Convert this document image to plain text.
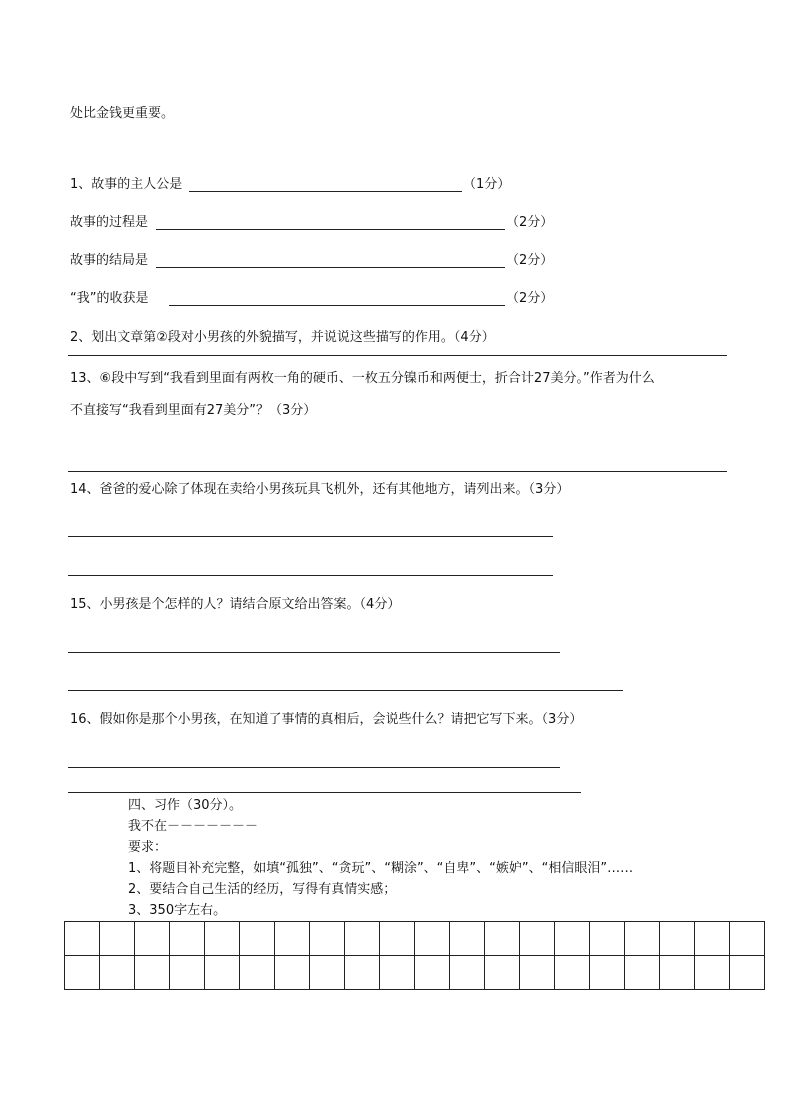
处比金钱更重要。
1、故事的主人公是	（1分）
故事的过程是	（2分）
故事的结局是	（2分）
“我”的收获是	（2分）
2、划出文章第②段对小男孩的外貌描写，并说说这些描写的作用。（4分）
13、⑥段中写到“我看到里面有两枚一角的硬币、一枚五分镍币和两便士，折合计27美分。”作者为什么
不直接写“我看到里面有27美分”？（3分）
14、爸爸的爱心除了体现在卖给小男孩玩具飞机外，还有其他地方，请列出来。（3分）
15、小男孩是个怎样的人？请结合原文给出答案。（4分）
16、假如你是那个小男孩，在知道了事情的真相后，会说些什么？请把它写下来。（3分）
四、习作（30分）。
我不在－－－－－－－
要求：
1、将题目补充完整，如填“孤独”、“贪玩”、“糊涂”、“自卑”、“嫉妒”、“相信眼泪”……
2、要结合自己生活的经历，写得有真情实感；
3、350字左右。
